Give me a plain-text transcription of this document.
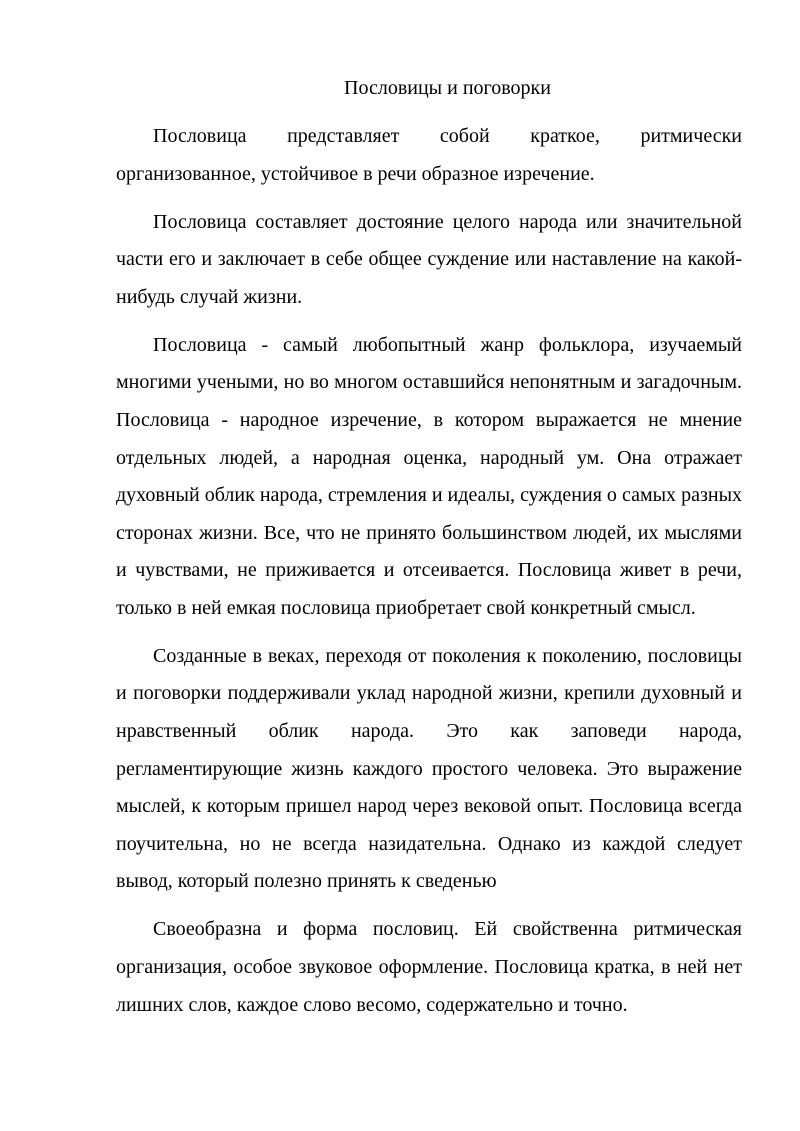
Пословицы и поговорки

Пословица представляет собой краткое, ритмически организованное, устойчивое в речи образное изречение.

Пословица составляет достояние целого народа или значительной части его и заключает в себе общее суждение или наставление на какой-нибудь случай жизни.

Пословица - самый любопытный жанр фольклора, изучаемый многими учеными, но во многом оставшийся непонятным и загадочным. Пословица - народное изречение, в котором выражается не мнение отдельных людей, а народная оценка, народный ум. Она отражает духовный облик народа, стремления и идеалы, суждения о самых разных сторонах жизни. Все, что не принято большинством людей, их мыслями и чувствами, не приживается и отсеивается. Пословица живет в речи, только в ней емкая пословица приобретает свой конкретный смысл.

Созданные в веках, переходя от поколения к поколению, пословицы и поговорки поддерживали уклад народной жизни, крепили духовный и нравственный облик народа. Это как заповеди народа, регламентирующие жизнь каждого простого человека. Это выражение мыслей, к которым пришел народ через вековой опыт. Пословица всегда поучительна, но не всегда назидательна. Однако из каждой следует вывод, который полезно принять к сведенью

Своеобразна и форма пословиц. Ей свойственна ритмическая организация, особое звуковое оформление. Пословица кратка, в ней нет лишних слов, каждое слово весомо, содержательно и точно.
